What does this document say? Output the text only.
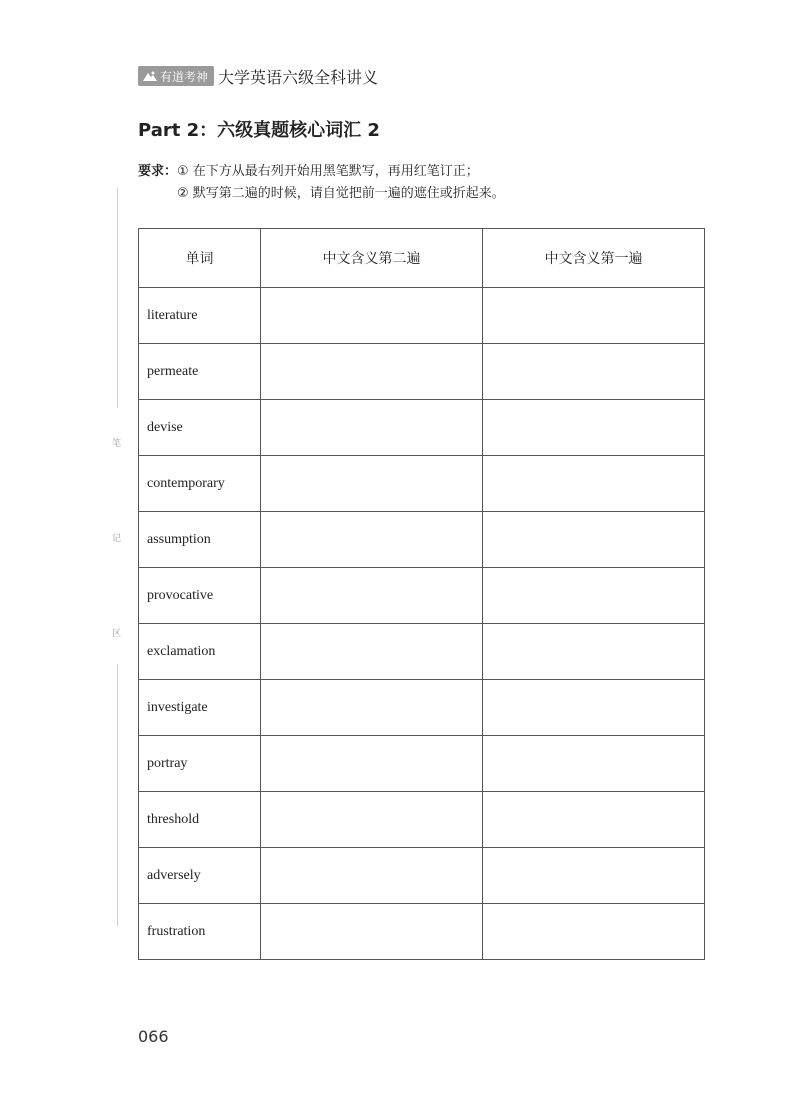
有道考神 大学英语六级全科讲义
Part 2：六级真题核心词汇 2
要求：① 在下方从最右列开始用黑笔默写，再用红笔订正；
② 默写第二遍的时候，请自觉把前一遍的遮住或折起来。
笔
记
区
单词	中文含义第二遍	中文含义第一遍
literature		
permeate		
devise		
contemporary		
assumption		
provocative		
exclamation		
investigate		
portray		
threshold		
adversely		
frustration		
066
